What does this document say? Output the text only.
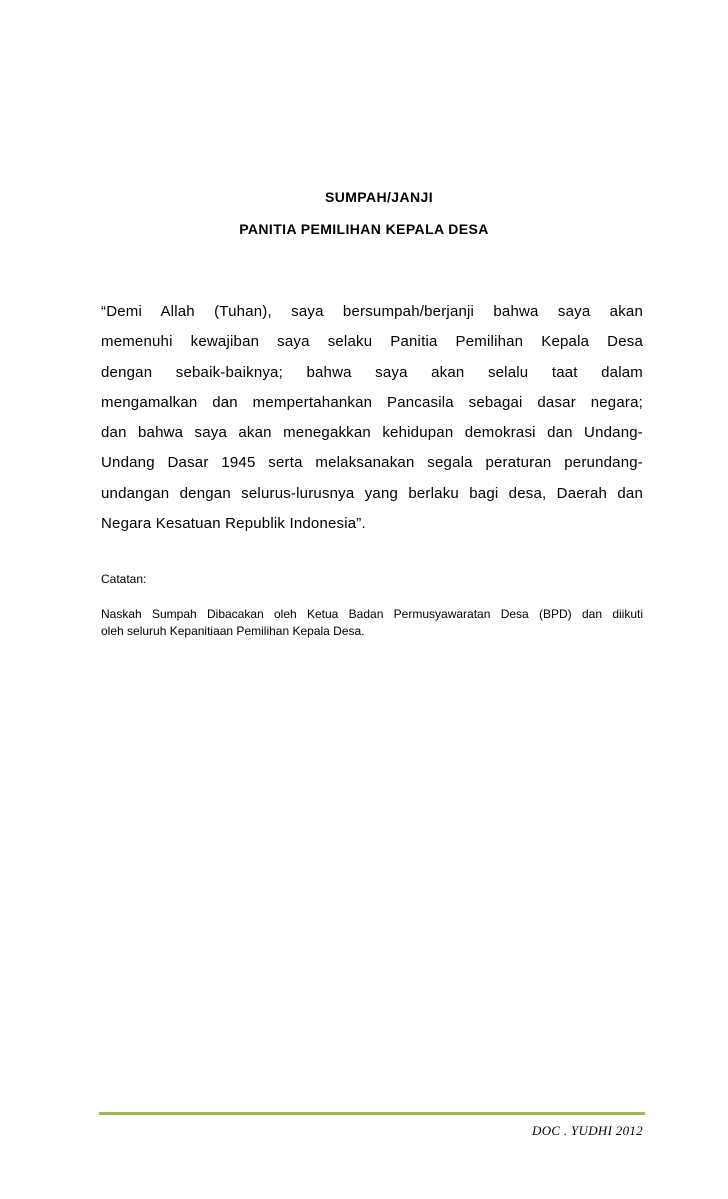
SUMPAH/JANJI
PANITIA PEMILIHAN KEPALA DESA
“Demi Allah (Tuhan), saya bersumpah/berjanji bahwa saya akan
memenuhi kewajiban saya selaku Panitia Pemilihan Kepala Desa
dengan sebaik-baiknya; bahwa saya akan selalu taat dalam
mengamalkan dan mempertahankan Pancasila sebagai dasar negara;
dan bahwa saya akan menegakkan kehidupan demokrasi dan Undang-
Undang Dasar 1945 serta melaksanakan segala peraturan perundang-
undangan dengan selurus-lurusnya yang berlaku bagi desa, Daerah dan
Negara Kesatuan Republik Indonesia”.
Catatan:
Naskah Sumpah Dibacakan oleh Ketua Badan Permusyawaratan Desa (BPD) dan diikuti
oleh seluruh Kepanitiaan Pemilihan Kepala Desa.
DOC . YUDHI 2012
